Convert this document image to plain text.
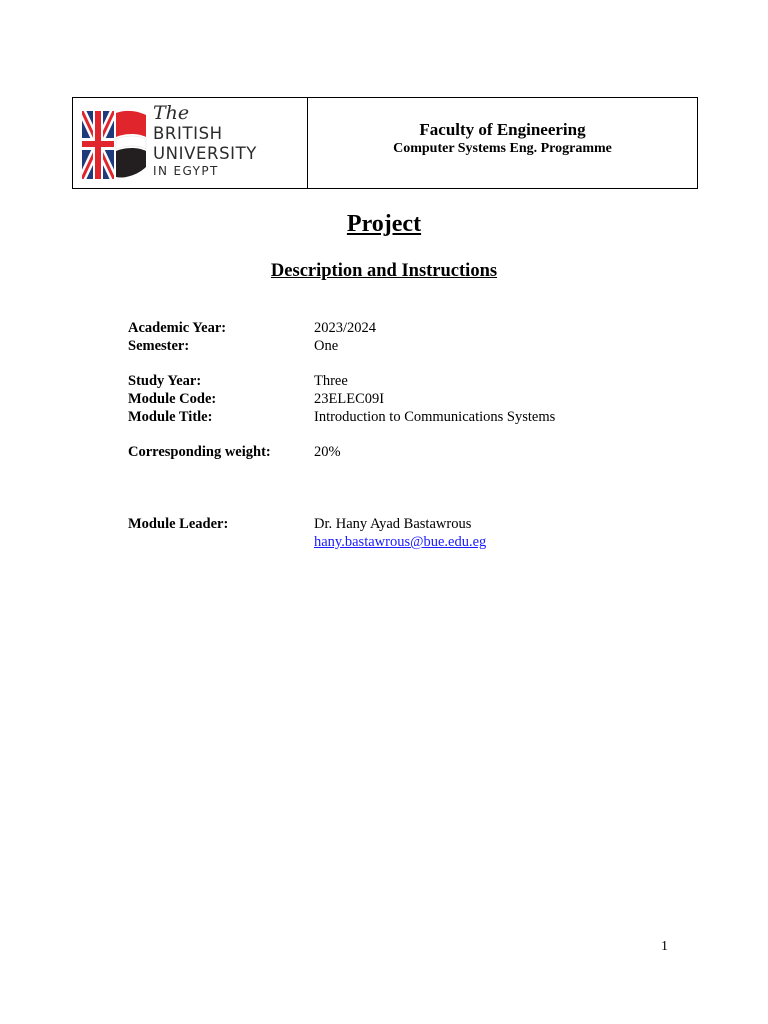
The
BRITISH
UNIVERSITY
IN EGYPT
Faculty of Engineering
Computer Systems Eng. Programme
Project
Description and Instructions
Academic Year:	2023/2024
Semester:	One
Study Year:	Three
Module Code:	23ELEC09I
Module Title:	Introduction to Communications Systems
Corresponding weight:	20%
Module Leader:	Dr. Hany Ayad Bastawrous
hany.bastawrous@bue.edu.eg
1
